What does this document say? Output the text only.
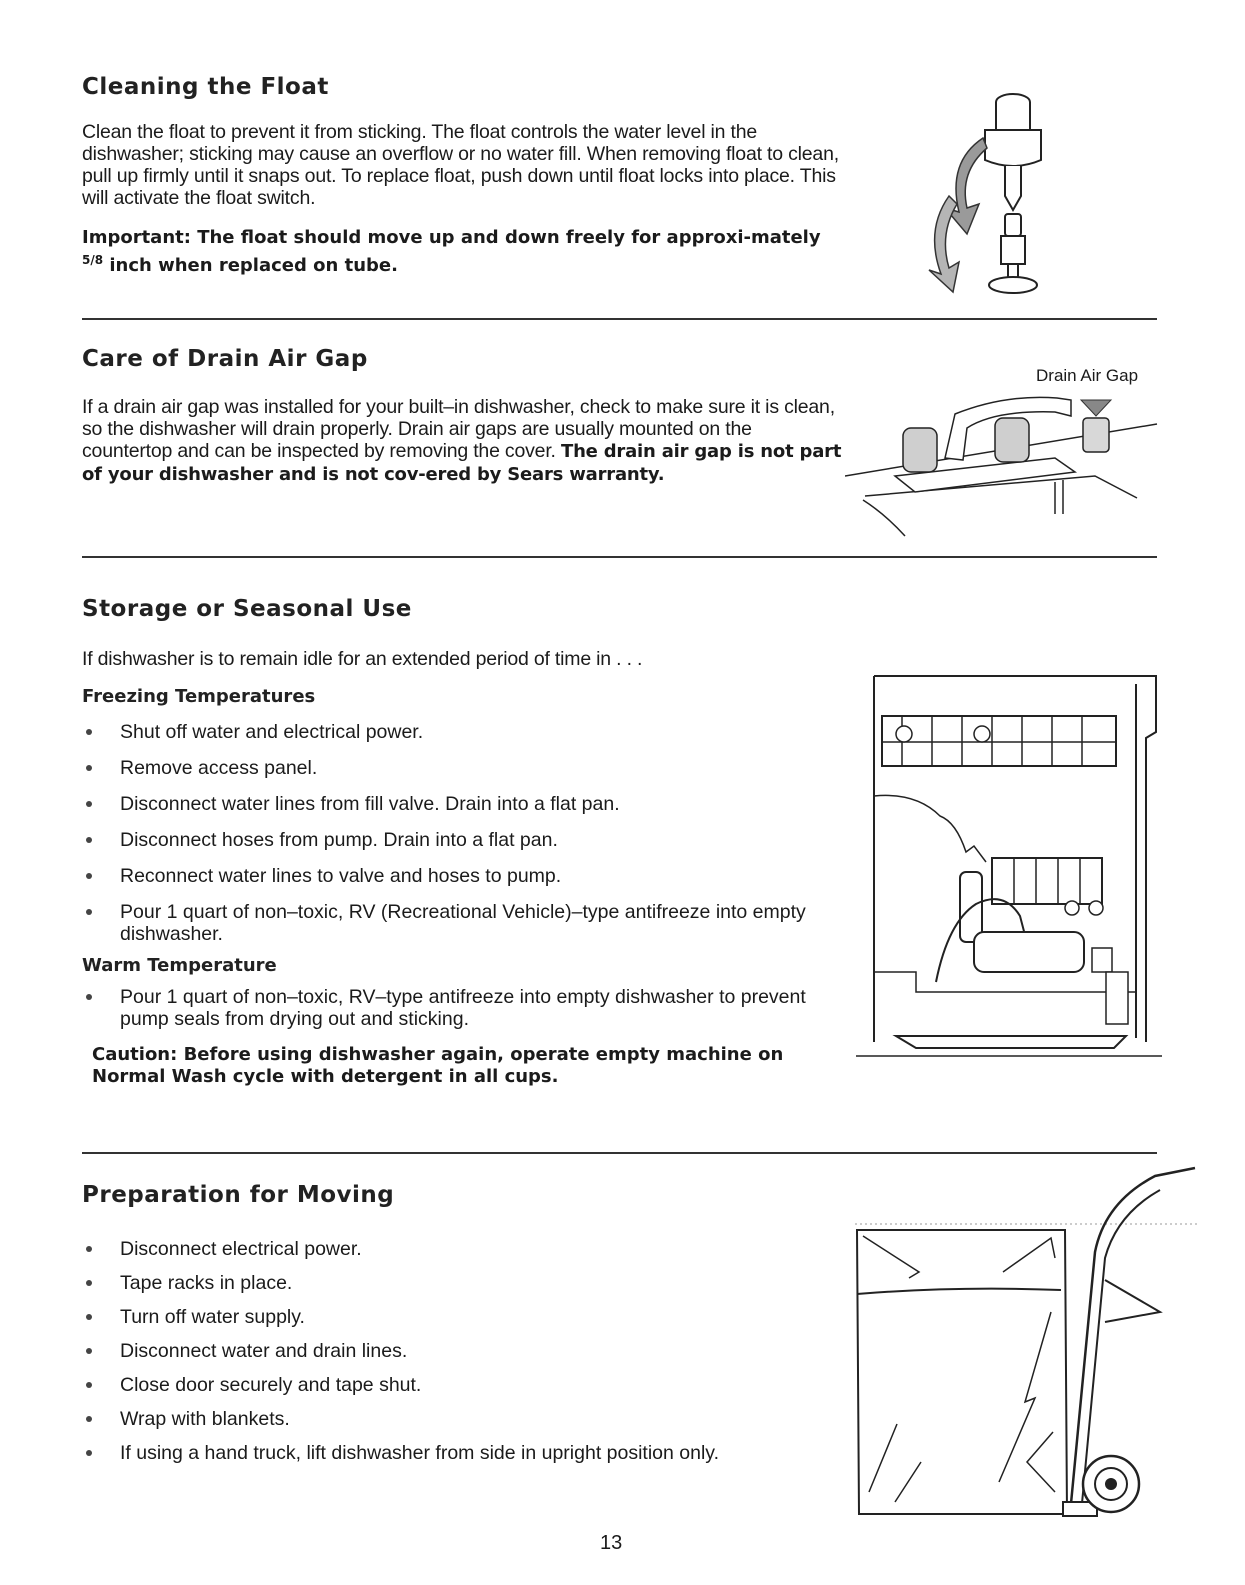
Cleaning the Float

Clean the float to prevent it from sticking. The float controls the water level in the dishwasher; sticking may cause an overflow or no water fill. When removing float to clean, pull up firmly until it snaps out. To replace float, push down until float locks into place. This will activate the float switch.

Important: The float should move up and down freely for approxi-mately $^{5/8}$ inch when replaced on tube.

Care of Drain Air Gap

If a drain air gap was installed for your built–in dishwasher, check to make sure it is clean, so the dishwasher will drain properly. Drain air gaps are usually mounted on the countertop and can be inspected by removing the cover. The drain air gap is not part of your dishwasher and is not cov-ered by Sears warranty.

Drain Air Gap
Storage or Seasonal Use

If dishwasher is to remain idle for an extended period of time in . . .

Freezing Temperatures
Shut off water and electrical power.
Remove access panel.
Disconnect water lines from fill valve. Drain into a flat pan.
Disconnect hoses from pump. Drain into a flat pan.
Reconnect water lines to valve and hoses to pump.
Pour 1 quart of non–toxic, RV (Recreational Vehicle)–type antifreeze into empty dishwasher.
Warm Temperature
Pour 1 quart of non–toxic, RV–type antifreeze into empty dishwasher to prevent pump seals from drying out and sticking.

Caution: Before using dishwasher again, operate empty machine on Normal Wash cycle with detergent in all cups.

Preparation for Moving
Disconnect electrical power.
Tape racks in place.
Turn off water supply.
Disconnect water and drain lines.
Close door securely and tape shut.
Wrap with blankets.
If using a hand truck, lift dishwasher from side in upright position only.
13
